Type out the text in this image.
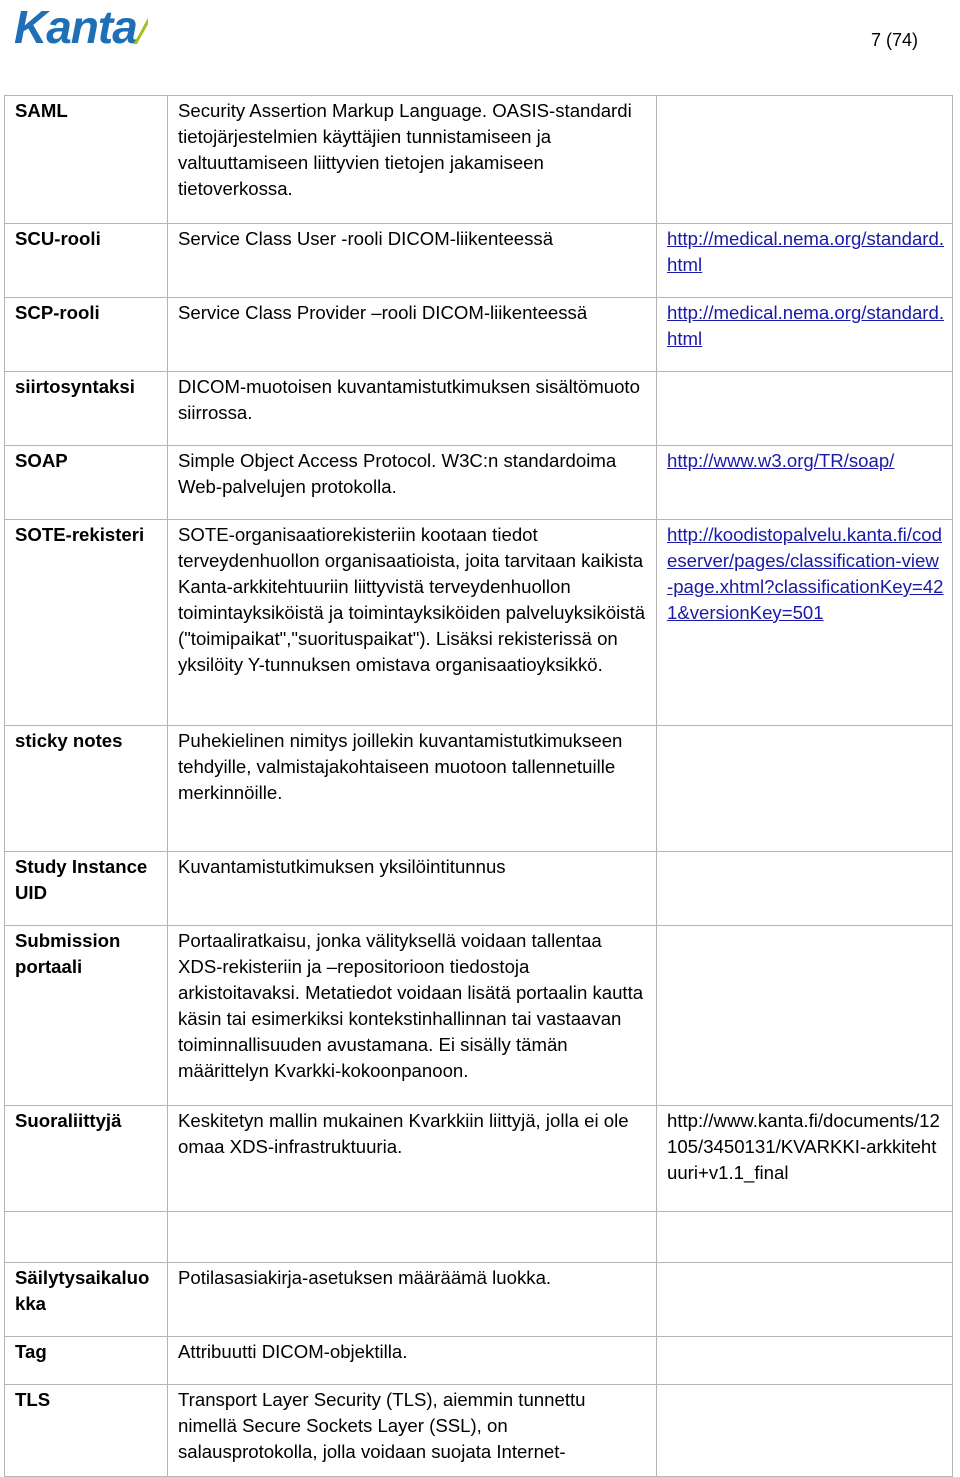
Kanta	7 (74)
SAML	Security Assertion Markup Language. OASIS-standardi tietojärjestelmien käyttäjien tunnistamiseen ja valtuuttamiseen liittyvien tietojen jakamiseen tietoverkossa.	
SCU-rooli	Service Class User -rooli DICOM-liikenteessä	http://medical.nema.org/standard.html
SCP-rooli	Service Class Provider –rooli DICOM-liikenteessä	http://medical.nema.org/standard.html
siirtosyntaksi	DICOM-muotoisen kuvantamistutkimuksen sisältömuoto siirrossa.	
SOAP	Simple Object Access Protocol. W3C:n standardoima Web-palvelujen protokolla.	http://www.w3.org/TR/soap/
SOTE-rekisteri	SOTE-organisaatiorekisteriin kootaan tiedot terveydenhuollon organisaatioista, joita tarvitaan kaikista Kanta-arkkitehtuuriin liittyvistä terveydenhuollon toimintayksiköistä ja toimintayksiköiden palveluyksiköistä ("toimipaikat","suorituspaikat"). Lisäksi rekisterissä on yksilöity Y-tunnuksen omistava organisaatioyksikkö.	http://koodistopalvelu.kanta.fi/codeserver/pages/classification-view-page.xhtml?classificationKey=421&versionKey=501
sticky notes	Puhekielinen nimitys joillekin kuvantamistutkimukseen tehdyille, valmistajakohtaiseen muotoon tallennetuille merkinnöille.	
Study Instance UID	Kuvantamistutkimuksen yksilöintitunnus	
Submission portaali	Portaaliratkaisu, jonka välityksellä voidaan tallentaa XDS-rekisteriin ja –repositorioon tiedostoja arkistoitavaksi. Metatiedot voidaan lisätä portaalin kautta käsin tai esimerkiksi kontekstinhallinnan tai vastaavan toiminnallisuuden avustamana. Ei sisälly tämän määrittelyn Kvarkki-kokoonpanoon.	
Suoraliittyjä	Keskitetyn mallin mukainen Kvarkkiin liittyjä, jolla ei ole omaa XDS-infrastruktuuria.	http://www.kanta.fi/documents/12105/3450131/KVARKKI-arkkitehtuuri+v1.1_final

Säilytysaikaluokka	Potilasasiakirja-asetuksen määräämä luokka.	
Tag	Attribuutti DICOM-objektilla.	
TLS	Transport Layer Security (TLS), aiemmin tunnettu nimellä Secure Sockets Layer (SSL), on salausprotokolla, jolla voidaan suojata Internet-	
